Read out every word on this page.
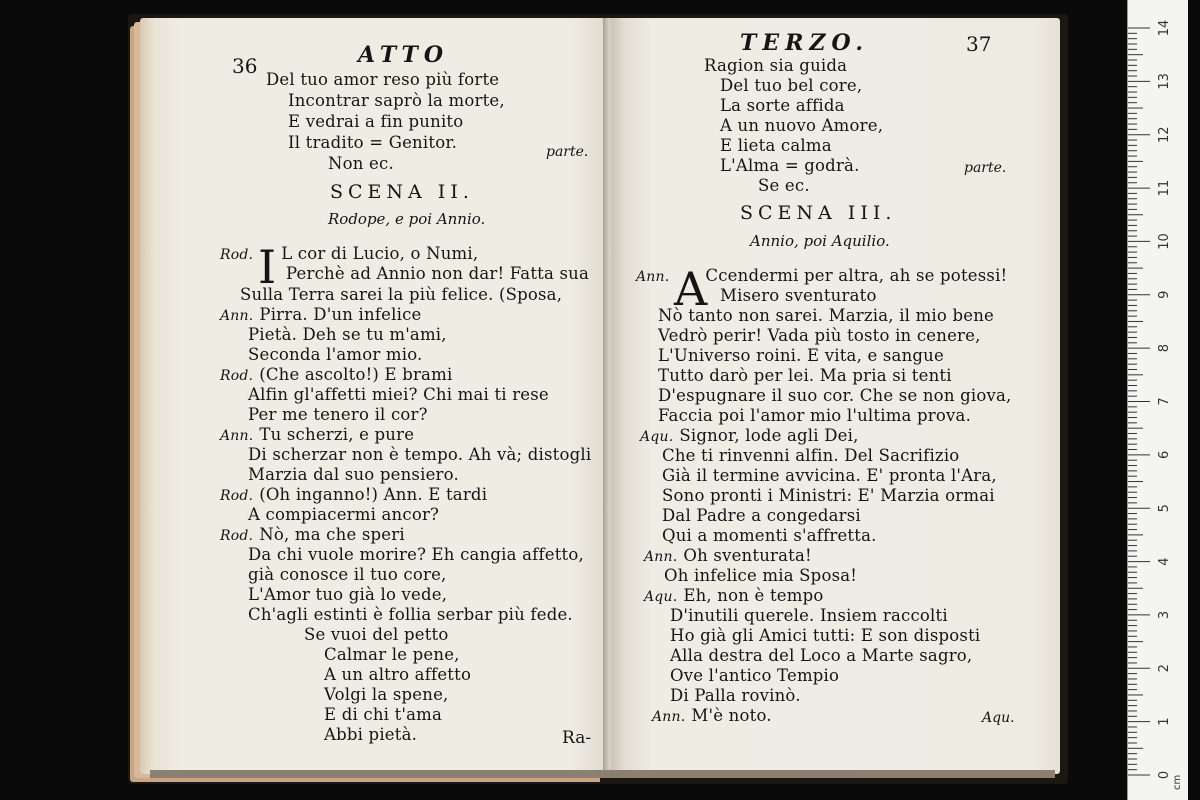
36	ATTO
Del tuo amor reso più forte
Incontrar saprò la morte,
E vedrai a fin punito
Il tradito = Genitor.
Non ec.
parte.
SCENA II.
Rodope, e poi Annio.
I
Rod. L cor di Lucio, o Numi,
Perchè ad Annio non dar! Fatta sua
Sulla Terra sarei la più felice. (Sposa,
Ann. Pirra. D'un infelice
Pietà. Deh se tu m'ami,
Seconda l'amor mio.
Rod. (Che ascolto!) E brami
Alfin gl'affetti miei? Chi mai ti rese
Per me tenero il cor?
Ann. Tu scherzi, e pure
Di scherzar non è tempo. Ah và; distogli
Marzia dal suo pensiero.
Rod. (Oh inganno!) Ann. E tardi
A compiacermi ancor?
Rod. Nò, ma che speri
Da chi vuole morire? Eh cangia affetto,
già conosce il tuo core,
L'Amor tuo già lo vede,
Ch'agli estinti è follia serbar più fede.
Se vuoi del petto
Calmar le pene,
A un altro affetto
Volgi la spene,
E di chi t'ama
Abbi pietà.	Ra-
TERZO.	37
Ragion sia guida
Del tuo bel core,
La sorte affida
A un nuovo Amore,
E lieta calma
L'Alma = godrà.
Se ec.
parte.
SCENA III.
Annio, poi Aquilio.
A
Ann. Ccendermi per altra, ah se potessi!
Misero sventurato
Nò tanto non sarei. Marzia, il mio bene
Vedrò perir! Vada più tosto in cenere,
L'Universo roini. E vita, e sangue
Tutto darò per lei. Ma pria si tenti
D'espugnare il suo cor. Che se non giova,
Faccia poi l'amor mio l'ultima prova.
Aqu. Signor, lode agli Dei,
Che ti rinvenni alfin. Del Sacrifizio
Già il termine avvicina. E' pronta l'Ara,
Sono pronti i Ministri: E' Marzia ormai
Dal Padre a congedarsi
Qui a momenti s'affretta.
Ann. Oh sventurata!
Oh infelice mia Sposa!
Aqu. Eh, non è tempo
D'inutili querele. Insiem raccolti
Ho già gli Amici tutti: E son disposti
Alla destra del Loco a Marte sagro,
Ove l'antico Tempio
Di Palla rovinò.
Ann. M'è noto.	Aqu.
0
1
2
3
4
5
6
7
8
9
10
11
12
13
14
cm
